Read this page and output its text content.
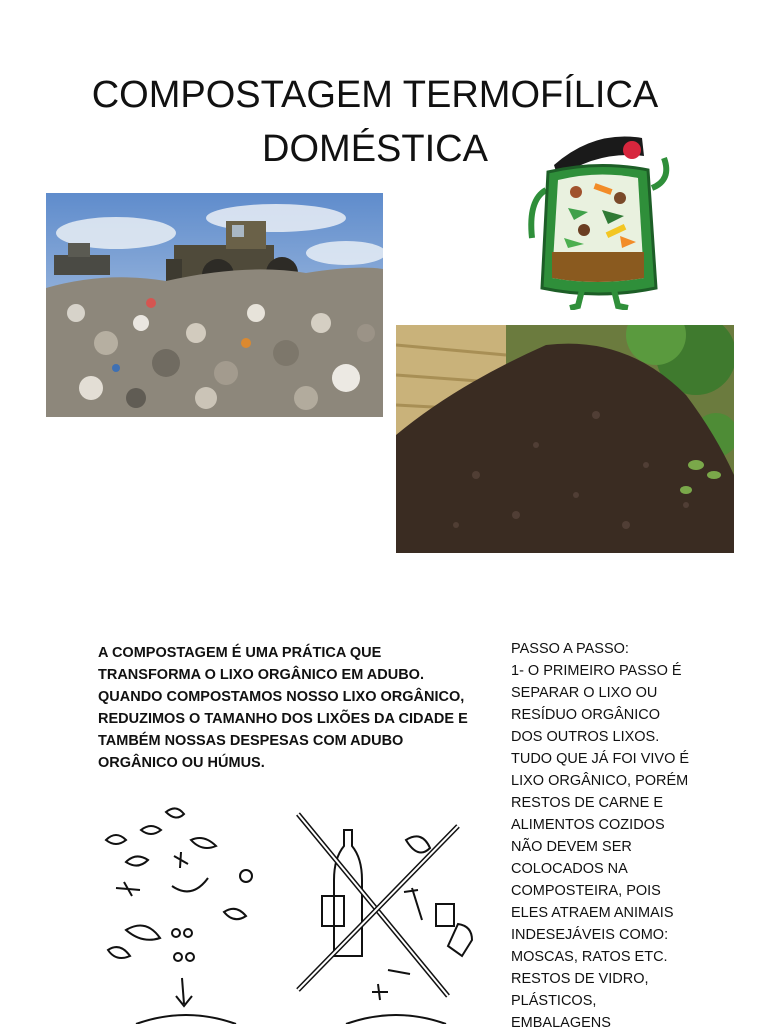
COMPOSTAGEM TERMOFÍLICA
DOMÉSTICA

A COMPOSTAGEM É UMA PRÁTICA QUE TRANSFORMA O LIXO ORGÂNICO EM ADUBO. QUANDO COMPOSTAMOS NOSSO LIXO ORGÂNICO, REDUZIMOS O TAMANHO DOS LIXÕES DA CIDADE E TAMBÉM NOSSAS DESPESAS COM ADUBO ORGÂNICO OU HÚMUS.

PASSO A PASSO:
1- O PRIMEIRO PASSO É
SEPARAR O LIXO OU
RESÍDUO ORGÂNICO
DOS OUTROS LIXOS.
TUDO QUE JÁ FOI VIVO É
LIXO ORGÂNICO, PORÉM
RESTOS DE CARNE E
ALIMENTOS COZIDOS
NÃO DEVEM SER
COLOCADOS NA
COMPOSTEIRA, POIS
ELES ATRAEM ANIMAIS
INDESEJÁVEIS COMO:
MOSCAS, RATOS ETC.
RESTOS DE VIDRO,
PLÁSTICOS,
EMBALAGENS
